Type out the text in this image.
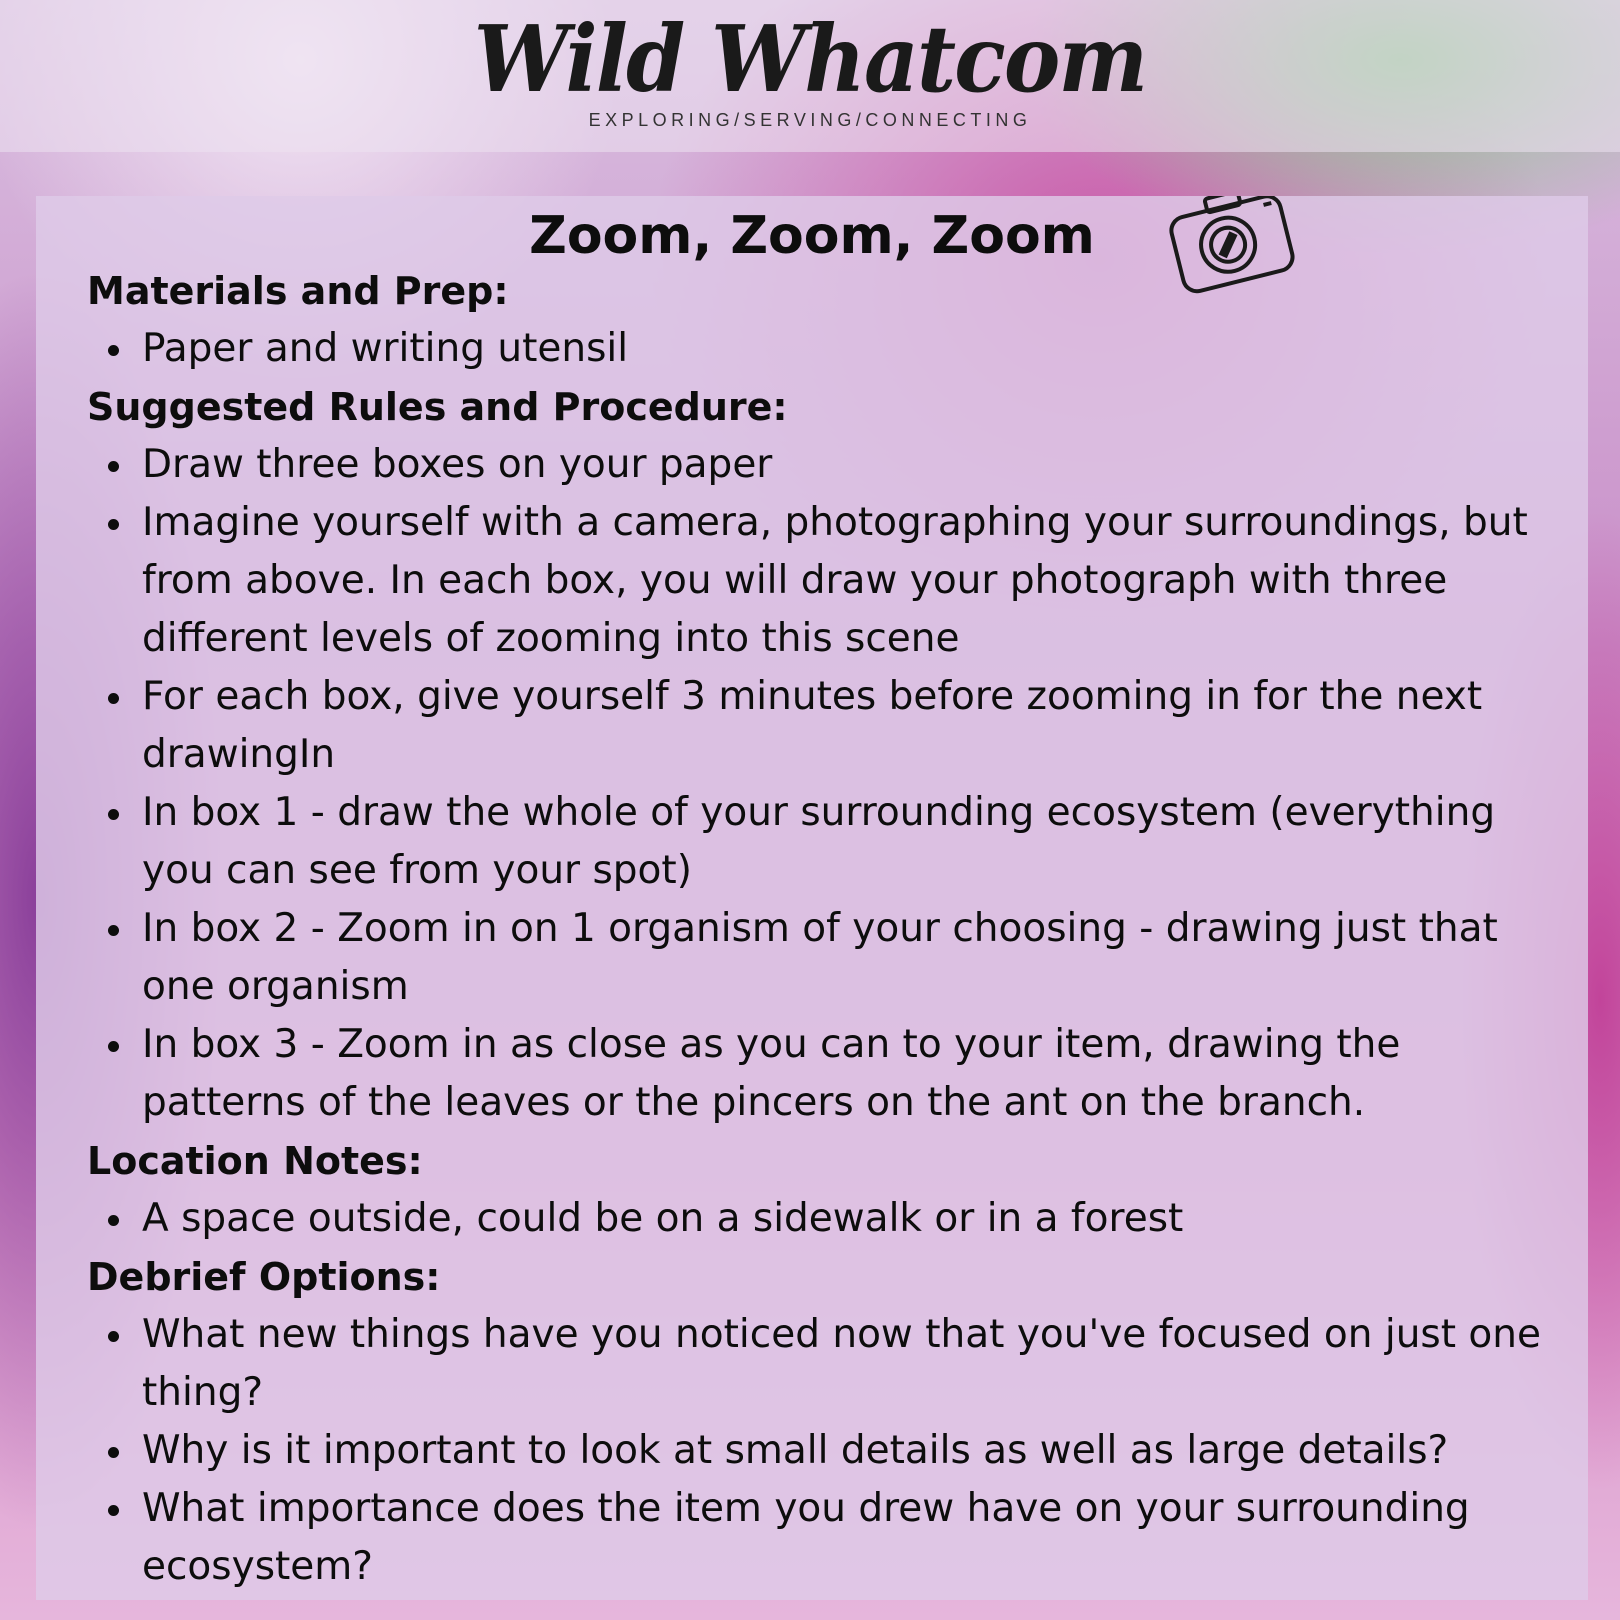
Wild Whatcom
EXPLORING/SERVING/CONNECTING
Zoom, Zoom, Zoom
Materials and Prep:
Paper and writing utensil
Suggested Rules and Procedure:
Draw three boxes on your paper
Imagine yourself with a camera, photographing your surroundings, but from above. In each box, you will draw your photograph with three different levels of zooming into this scene
For each box, give yourself 3 minutes before zooming in for the next drawingIn
In box 1 - draw the whole of your surrounding ecosystem (everything you can see from your spot)
In box 2 - Zoom in on 1 organism of your choosing - drawing just that one organism
In box 3 - Zoom in as close as you can to your item, drawing the patterns of the leaves or the pincers on the ant on the branch.
Location Notes:
A space outside, could be on a sidewalk or in a forest
Debrief Options:
What new things have you noticed now that you've focused on just one thing?
Why is it important to look at small details as well as large details?
What importance does the item you drew have on your surrounding ecosystem?
